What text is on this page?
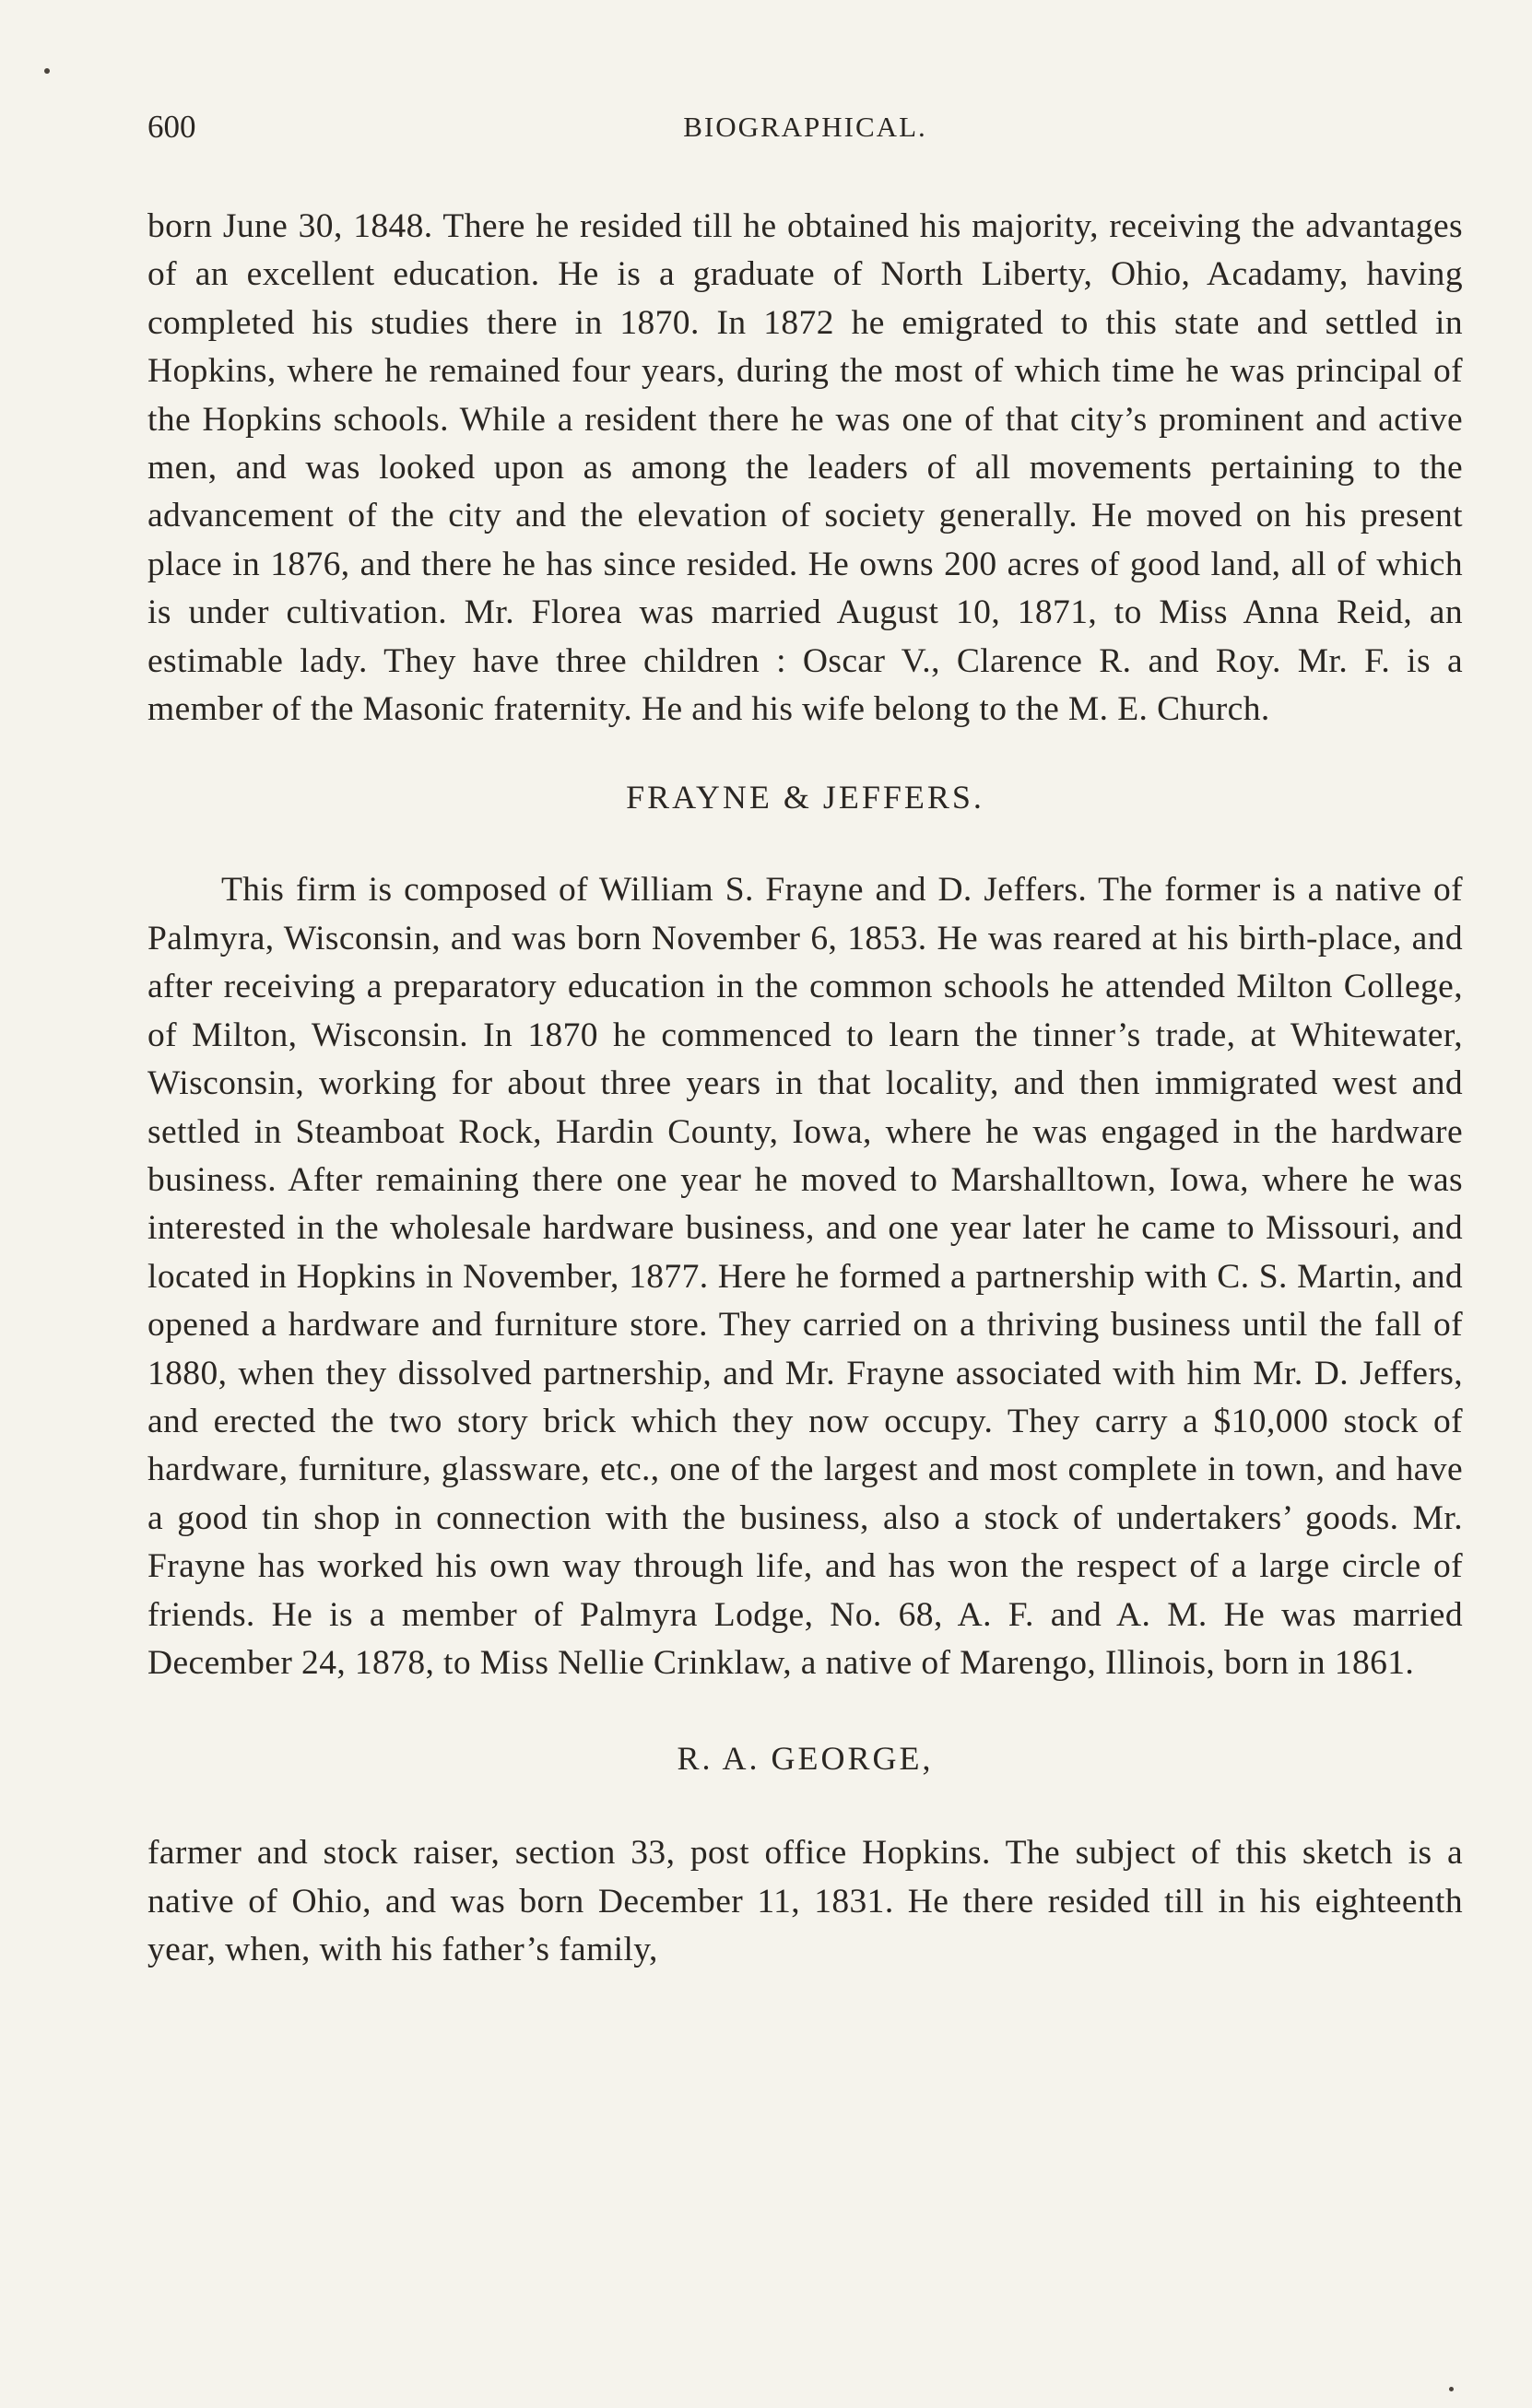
600	BIOGRAPHICAL.

born June 30, 1848. There he resided till he obtained his majority, receiving the advantages of an excellent education. He is a graduate of North Liberty, Ohio, Acadamy, having completed his studies there in 1870. In 1872 he emigrated to this state and settled in Hopkins, where he remained four years, during the most of which time he was principal of the Hopkins schools. While a resident there he was one of that city’s prominent and active men, and was looked upon as among the leaders of all movements pertaining to the advancement of the city and the elevation of society generally. He moved on his present place in 1876, and there he has since resided. He owns 200 acres of good land, all of which is under cultivation. Mr. Florea was married August 10, 1871, to Miss Anna Reid, an estimable lady. They have three children : Oscar V., Clarence R. and Roy. Mr. F. is a member of the Masonic fraternity. He and his wife belong to the M. E. Church.

FRAYNE & JEFFERS.

This firm is composed of William S. Frayne and D. Jeffers. The former is a native of Palmyra, Wisconsin, and was born November 6, 1853. He was reared at his birth-place, and after receiving a preparatory education in the common schools he attended Milton College, of Milton, Wisconsin. In 1870 he commenced to learn the tinner’s trade, at Whitewater, Wisconsin, working for about three years in that locality, and then immigrated west and settled in Steamboat Rock, Hardin County, Iowa, where he was engaged in the hardware business. After remaining there one year he moved to Marshalltown, Iowa, where he was interested in the wholesale hardware business, and one year later he came to Missouri, and located in Hopkins in November, 1877. Here he formed a partnership with C. S. Martin, and opened a hardware and furniture store. They carried on a thriving business until the fall of 1880, when they dissolved partnership, and Mr. Frayne associated with him Mr. D. Jeffers, and erected the two story brick which they now occupy. They carry a $10,000 stock of hardware, furniture, glassware, etc., one of the largest and most complete in town, and have a good tin shop in connection with the business, also a stock of undertakers’ goods. Mr. Frayne has worked his own way through life, and has won the respect of a large circle of friends. He is a member of Palmyra Lodge, No. 68, A. F. and A. M. He was married December 24, 1878, to Miss Nellie Crinklaw, a native of Marengo, Illinois, born in 1861.

R. A. GEORGE,

farmer and stock raiser, section 33, post office Hopkins. The subject of this sketch is a native of Ohio, and was born December 11, 1831. He there resided till in his eighteenth year, when, with his father’s family,
